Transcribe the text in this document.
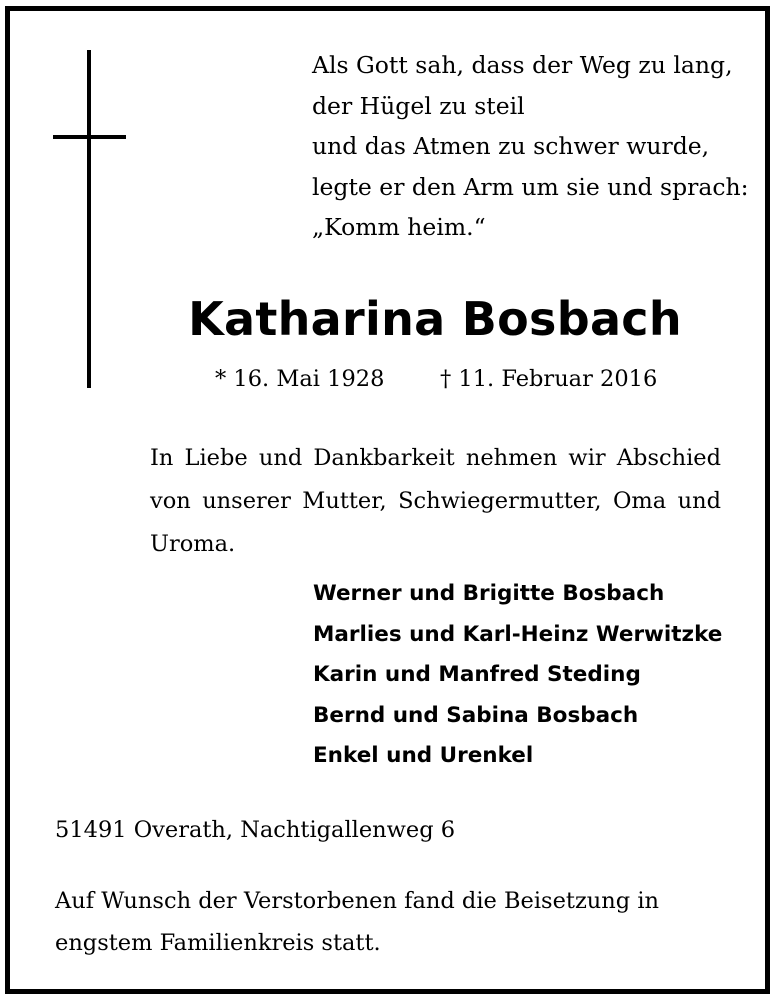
Als Gott sah, dass der Weg zu lang,
der Hügel zu steil
und das Atmen zu schwer wurde,
legte er den Arm um sie und sprach:
„Komm heim.“
Katharina Bosbach
* 16. Mai 1928 † 11. Februar 2016
In Liebe und Dankbarkeit nehmen wir Abschied von unserer Mutter, Schwiegermutter, Oma und Uroma.
Werner und Brigitte Bosbach
Marlies und Karl-Heinz Werwitzke
Karin und Manfred Steding
Bernd und Sabina Bosbach
Enkel und Urenkel
51491 Overath, Nachtigallenweg 6
Auf Wunsch der Verstorbenen fand die Beisetzung in engstem Familienkreis statt.
